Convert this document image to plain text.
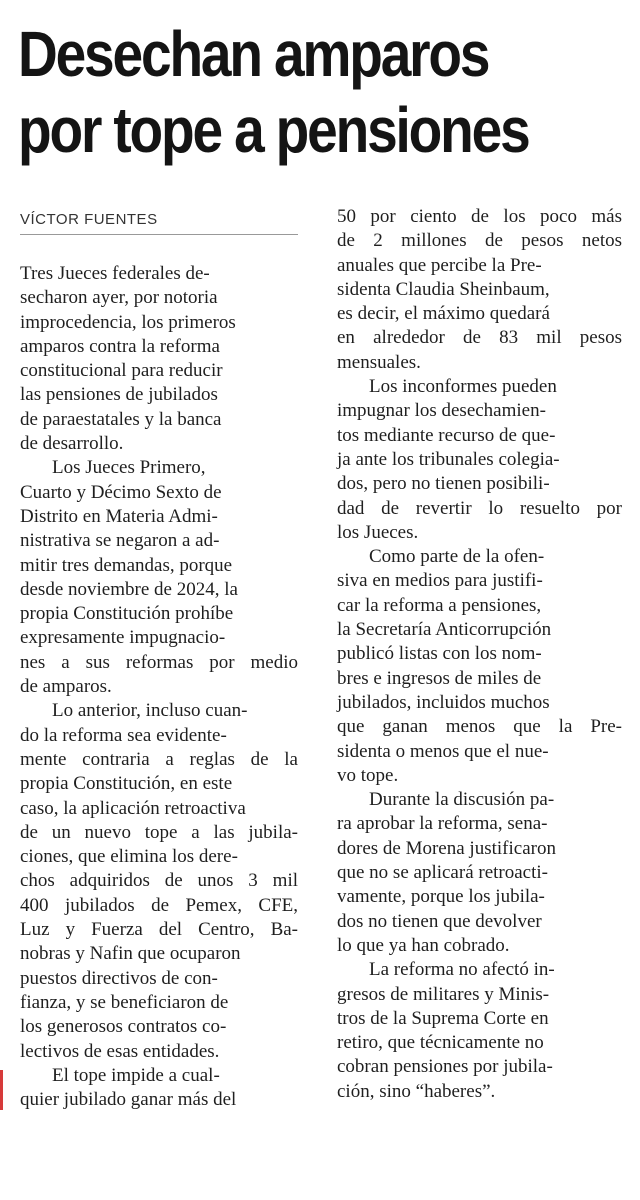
Desechan amparos
por tope a pensiones
VÍCTOR FUENTES
Tres Jueces federales de-
secharon ayer, por notoria
improcedencia, los primeros
amparos contra la reforma
constitucional para reducir
las pensiones de jubilados
de paraestatales y la banca
de desarrollo.
Los Jueces Primero,
Cuarto y Décimo Sexto de
Distrito en Materia Admi-
nistrativa se negaron a ad-
mitir tres demandas, porque
desde noviembre de 2024, la
propia Constitución prohíbe
expresamente impugnacio-
nes a sus reformas por medio
de amparos.
Lo anterior, incluso cuan-
do la reforma sea evidente-
mente contraria a reglas de la
propia Constitución, en este
caso, la aplicación retroactiva
de un nuevo tope a las jubila-
ciones, que elimina los dere-
chos adquiridos de unos 3 mil
400 jubilados de Pemex, CFE,
Luz y Fuerza del Centro, Ba-
nobras y Nafin que ocuparon
puestos directivos de con-
fianza, y se beneficiaron de
los generosos contratos co-
lectivos de esas entidades.
El tope impide a cual-
quier jubilado ganar más del
50 por ciento de los poco más
de 2 millones de pesos netos
anuales que percibe la Pre-
sidenta Claudia Sheinbaum,
es decir, el máximo quedará
en alrededor de 83 mil pesos
mensuales.
Los inconformes pueden
impugnar los desechamien-
tos mediante recurso de que-
ja ante los tribunales colegia-
dos, pero no tienen posibili-
dad de revertir lo resuelto por
los Jueces.
Como parte de la ofen-
siva en medios para justifi-
car la reforma a pensiones,
la Secretaría Anticorrupción
publicó listas con los nom-
bres e ingresos de miles de
jubilados, incluidos muchos
que ganan menos que la Pre-
sidenta o menos que el nue-
vo tope.
Durante la discusión pa-
ra aprobar la reforma, sena-
dores de Morena justificaron
que no se aplicará retroacti-
vamente, porque los jubila-
dos no tienen que devolver
lo que ya han cobrado.
La reforma no afectó in-
gresos de militares y Minis-
tros de la Suprema Corte en
retiro, que técnicamente no
cobran pensiones por jubila-
ción, sino “haberes”.
